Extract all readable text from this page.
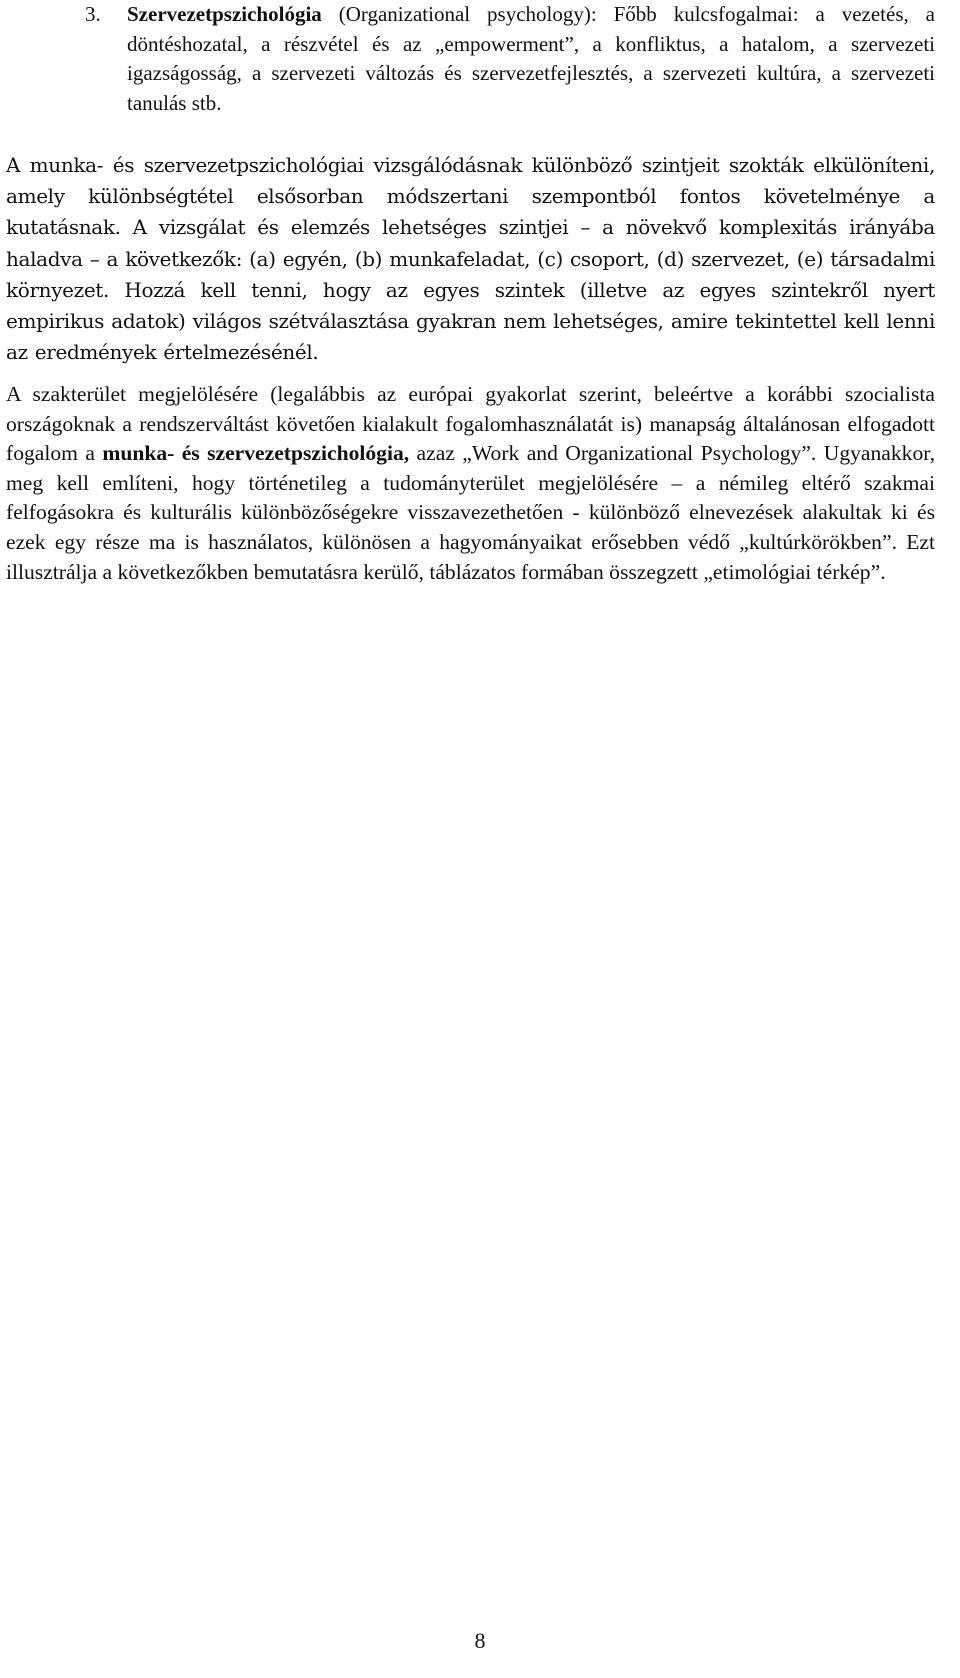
3. Szervezetpszichológia (Organizational psychology): Főbb kulcsfogalmai: a vezetés, a döntéshozatal, a részvétel és az „empowerment”, a konfliktus, a hatalom, a szervezeti igazságosság, a szervezeti változás és szervezetfejlesztés, a szervezeti kultúra, a szervezeti tanulás stb.
A munka- és szervezetpszichológiai vizsgálódásnak különböző szintjeit szokták elkülöníteni, amely különbségtétel elsősorban módszertani szempontból fontos követelménye a kutatásnak. A vizsgálat és elemzés lehetséges szintjei – a növekvő komplexitás irányába haladva – a következők: (a) egyén, (b) munkafeladat, (c) csoport, (d) szervezet, (e) társadalmi környezet. Hozzá kell tenni, hogy az egyes szintek (illetve az egyes szintekről nyert empirikus adatok) világos szétválasztása gyakran nem lehetséges, amire tekintettel kell lenni az eredmények értelmezésénél.
A szakterület megjelölésére (legalábbis az európai gyakorlat szerint, beleértve a korábbi szocialista országoknak a rendszerváltást követően kialakult fogalomhasználatát is) manapság általánosan elfogadott fogalom a munka- és szervezetpszichológia, azaz „Work and Organizational Psychology”. Ugyanakkor, meg kell említeni, hogy történetileg a tudományterület megjelölésére – a némileg eltérő szakmai felfogásokra és kulturális különbözőségekre visszavezethetően - különböző elnevezések alakultak ki és ezek egy része ma is használatos, különösen a hagyományaikat erősebben védő „kultúrkörökben”. Ezt illusztrálja a következőkben bemutatásra kerülő, táblázatos formában összegzett „etimológiai térkép”.
8
